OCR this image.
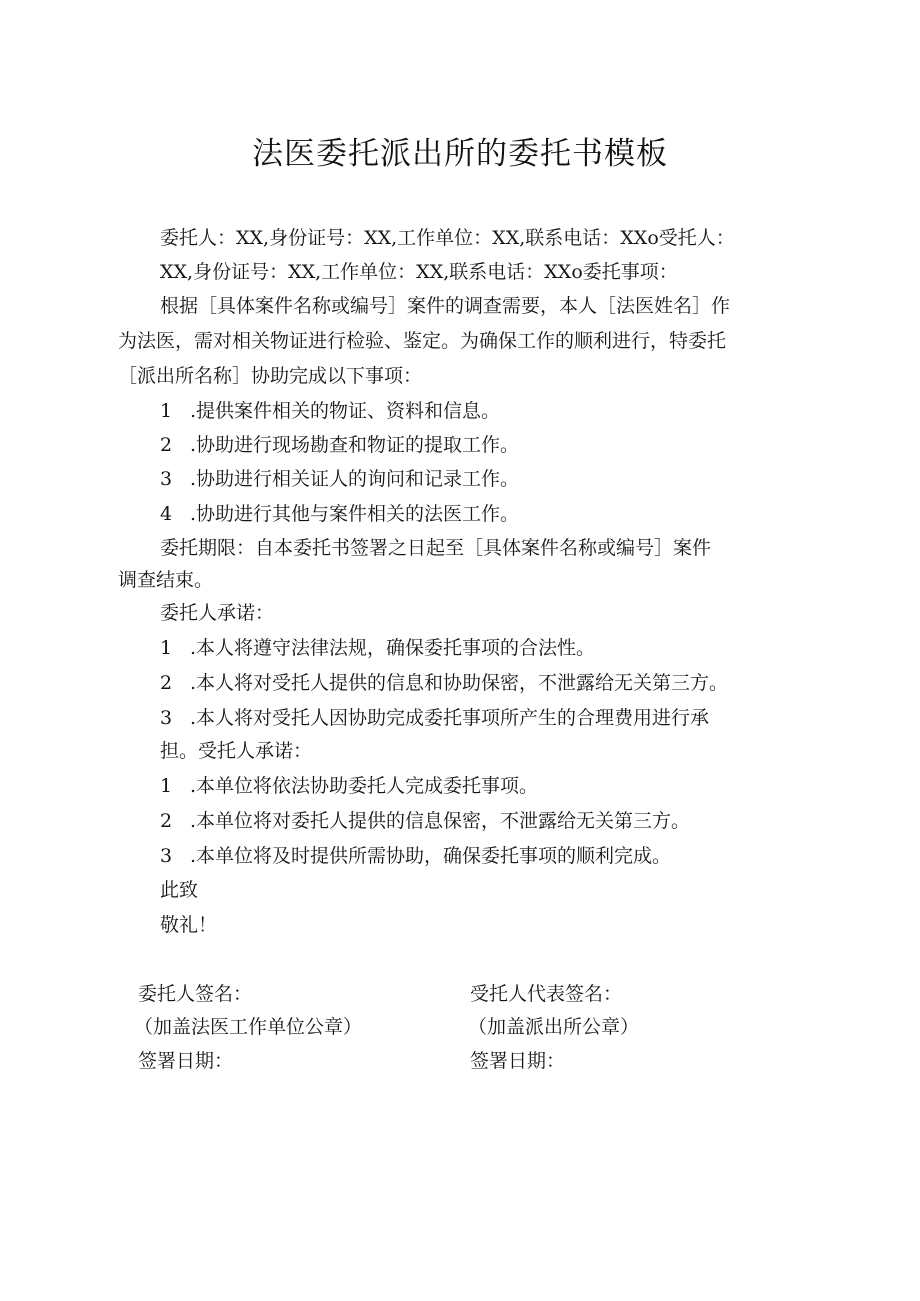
法医委托派出所的委托书模板
委托人：XX,身份证号：XX,工作单位：XX,联系电话：XXo受托人：
XX,身份证号：XX,工作单位：XX,联系电话：XXo委托事项：
根据［具体案件名称或编号］案件的调查需要，本人［法医姓名］作
为法医，需对相关物证进行检验、鉴定。为确保工作的顺利进行，特委托
［派出所名称］协助完成以下事项：
1 .提供案件相关的物证、资料和信息。
2 .协助进行现场勘查和物证的提取工作。
3 .协助进行相关证人的询问和记录工作。
4 .协助进行其他与案件相关的法医工作。
委托期限：自本委托书签署之日起至［具体案件名称或编号］案件
调查结束。
委托人承诺：
1 .本人将遵守法律法规，确保委托事项的合法性。
2 .本人将对受托人提供的信息和协助保密，不泄露给无关第三方。
3 .本人将对受托人因协助完成委托事项所产生的合理费用进行承
担。受托人承诺：
1 .本单位将依法协助委托人完成委托事项。
2 .本单位将对委托人提供的信息保密，不泄露给无关第三方。
3 .本单位将及时提供所需协助，确保委托事项的顺利完成。
此致
敬礼！
委托人签名：
（加盖法医工作单位公章）
签署日期：
受托人代表签名：
（加盖派出所公章）
签署日期：
